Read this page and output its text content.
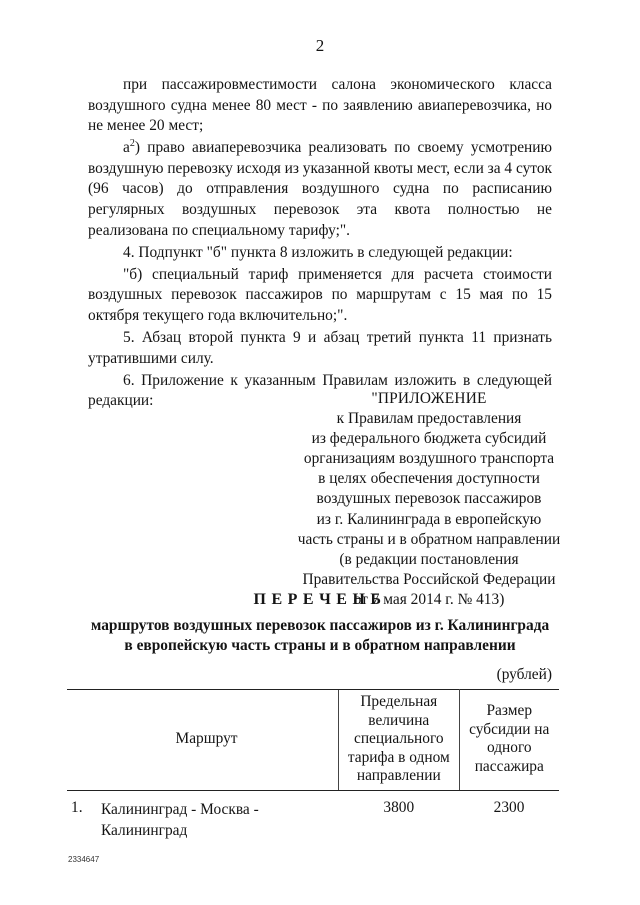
2

при пассажировместимости салона экономического класса воздушного судна менее 80 мест - по заявлению авиаперевозчика, но не менее 20 мест;

$а^2$) право авиаперевозчика реализовать по своему усмотрению воздушную перевозку исходя из указанной квоты мест, если за 4 суток (96 часов) до отправления воздушного судна по расписанию регулярных воздушных перевозок эта квота полностью не реализована по специальному тарифу;".

4. Подпункт "б" пункта 8 изложить в следующей редакции:

"б) специальный тариф применяется для расчета стоимости воздушных перевозок пассажиров по маршрутам с 15 мая по 15 октября текущего года включительно;".

5. Абзац второй пункта 9 и абзац третий пункта 11 признать утратившими силу.

6. Приложение к указанным Правилам изложить в следующей редакции:	"ПРИЛОЖЕНИЕ
к Правилам предоставления
из федерального бюджета субсидий
организациям воздушного транспорта
в целях обеспечения доступности
воздушных перевозок пассажиров
из г. Калининграда в европейскую
часть страны и в обратном направлении
(в редакции постановления
Правительства Российской Федерации
от 7 мая 2014 г. № 413)
ПЕРЕЧЕНЬ
маршрутов воздушных перевозок пассажиров из г. Калининграда
в европейскую часть страны и в обратном направлении
(рублей)
Маршрут	Предельная величина специального тарифа в одном направлении	Размер субсидии на одного пассажира
1. Калининград - Москва - Калининград	3800	2300
2334647
